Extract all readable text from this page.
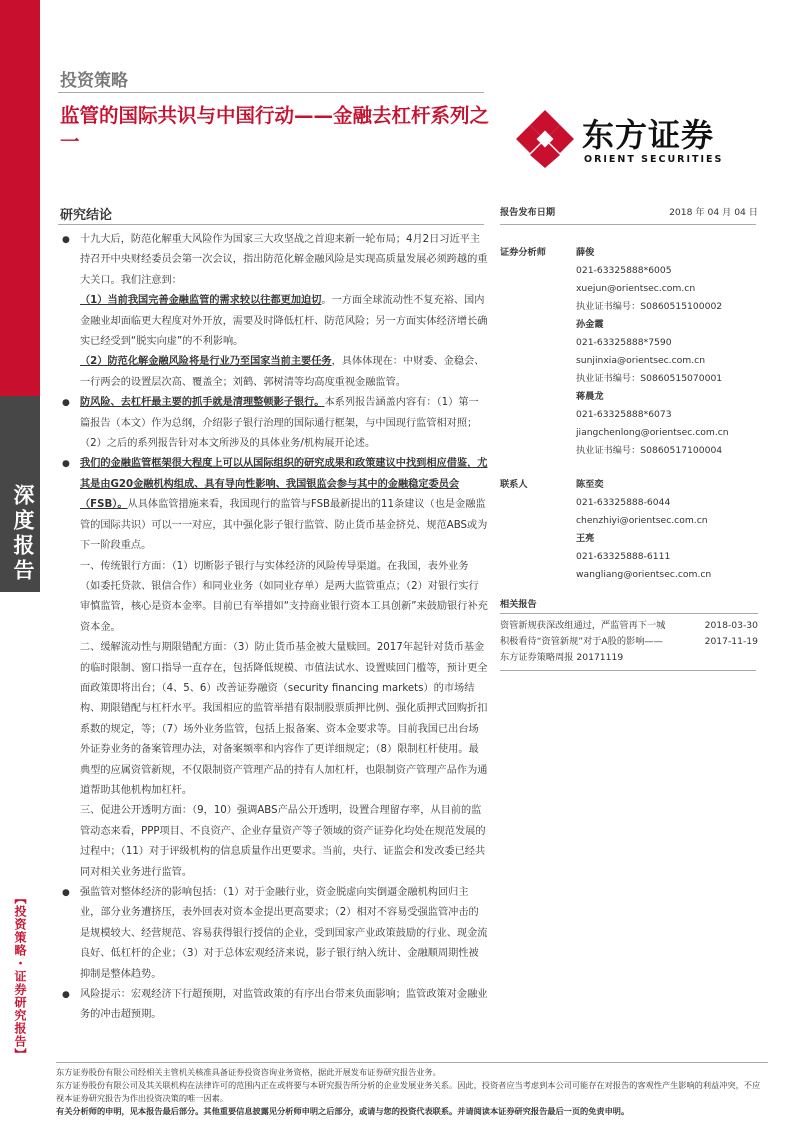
深度报告
【投资策略・证券研究报告】
投资策略
监管的国际共识与中国行动——金融去杠杆系列之一	东方证券
ORIENT SECURITIES
研究结论
● 十九大后，防范化解重大风险作为国家三大攻坚战之首迎来新一轮布局；4月2日习近平主持召开中央财经委员会第一次会议，指出防范化解金融风险是实现高质量发展必须跨越的重大关口。我们注意到：
（1）当前我国完善金融监管的需求较以往都更加迫切。一方面全球流动性不复充裕、国内金融业却面临更大程度对外开放，需要及时降低杠杆、防范风险；另一方面实体经济增长确实已经受到“脱实向虚”的不利影响。
（2）防范化解金融风险将是行业乃至国家当前主要任务，具体体现在：中财委、金稳会、一行两会的设置层次高、覆盖全；刘鹤、郭树清等均高度重视金融监管。
● 防风险、去杠杆最主要的抓手就是清理整顿影子银行。本系列报告涵盖内容有：（1）第一篇报告（本文）作为总纲，介绍影子银行治理的国际通行框架，与中国现行监管相对照；（2）之后的系列报告针对本文所涉及的具体业务/机构展开论述。
● 我们的金融监管框架很大程度上可以从国际组织的研究成果和政策建议中找到相应借鉴，尤其是由G20金融机构组成、具有导向性影响、我国银监会参与其中的金融稳定委员会（FSB）。从具体监管措施来看，我国现行的监管与FSB最新提出的11条建议（也是金融监管的国际共识）可以一一对应，其中强化影子银行监管、防止货币基金挤兑、规范ABS或为下一阶段重点。
一、传统银行方面：（1）切断影子银行与实体经济的风险传导渠道。在我国，表外业务（如委托贷款、银信合作）和同业业务（如同业存单）是两大监管重点；（2）对银行实行审慎监管，核心是资本金率。目前已有举措如“支持商业银行资本工具创新”来鼓励银行补充资本金。
二、缓解流动性与期限错配方面：（3）防止货币基金被大量赎回。2017年起针对货币基金的临时限制、窗口指导一直存在，包括降低规模、市值法试水、设置赎回门槛等，预计更全面政策即将出台；（4、5、6）改善证券融资（security financing markets）的市场结构、期限错配与杠杆水平。我国相应的监管举措有限制股票质押比例、强化质押式回购折扣系数的规定，等；（7）场外业务监管，包括上报备案、资本金要求等。目前我国已出台场外证券业务的备案管理办法，对备案频率和内容作了更详细规定；（8）限制杠杆使用。最典型的应属资管新规，不仅限制资产管理产品的持有人加杠杆，也限制资产管理产品作为通道帮助其他机构加杠杆。
三、促进公开透明方面：（9，10）强调ABS产品公开透明，设置合理留存率，从目前的监管动态来看，PPP项目、不良资产、企业存量资产等子领域的资产证券化均处在规范发展的过程中；（11）对于评级机构的信息质量作出更要求。当前，央行、证监会和发改委已经共同对相关业务进行监管。
● 强监管对整体经济的影响包括：（1）对于金融行业，资金脱虚向实倒逼金融机构回归主业，部分业务遭挤压，表外回表对资本金提出更高要求；（2）相对不容易受强监管冲击的是规模较大、经营规范、容易获得银行授信的企业，受到国家产业政策鼓励的行业、现金流良好、低杠杆的企业；（3）对于总体宏观经济来说，影子银行纳入统计、金融顺周期性被抑制是整体趋势。
● 风险提示：宏观经济下行超预期，对监管政策的有序出台带来负面影响；监管政策对金融业务的冲击超预期。
报告发布日期	2018 年 04 月 04 日
证券分析师	薛俊
021-63325888*6005
xuejun@orientsec.com.cn
执业证书编号：S0860515100002
孙金霞
021-63325888*7590
sunjinxia@orientsec.com.cn
执业证书编号：S0860515070001
蒋晨龙
021-63325888*6073
jiangchenlong@orientsec.com.cn
执业证书编号：S0860517100004
联系人	陈至奕
021-63325888-6044
chenzhiyi@orientsec.com.cn
王亮
021-63325888-6111
wangliang@orientsec.com.cn
相关报告
资管新规获深改组通过，严监管再下一城	2018-03-30
积极看待“资管新规”对于A股的影响——	2017-11-19
东方证券策略周报 20171119
东方证券股份有限公司经相关主管机关核准具备证券投资咨询业务资格，据此开展发布证券研究报告业务。
东方证券股份有限公司及其关联机构在法律许可的范围内正在或将要与本研究报告所分析的企业发展业务关系。因此，投资者应当考虑到本公司可能存在对报告的客观性产生影响的利益冲突，不应视本证券研究报告为作出投资决策的唯一因素。
有关分析师的申明，见本报告最后部分。其他重要信息披露见分析师申明之后部分，或请与您的投资代表联系。并请阅读本证券研究报告最后一页的免责申明。
